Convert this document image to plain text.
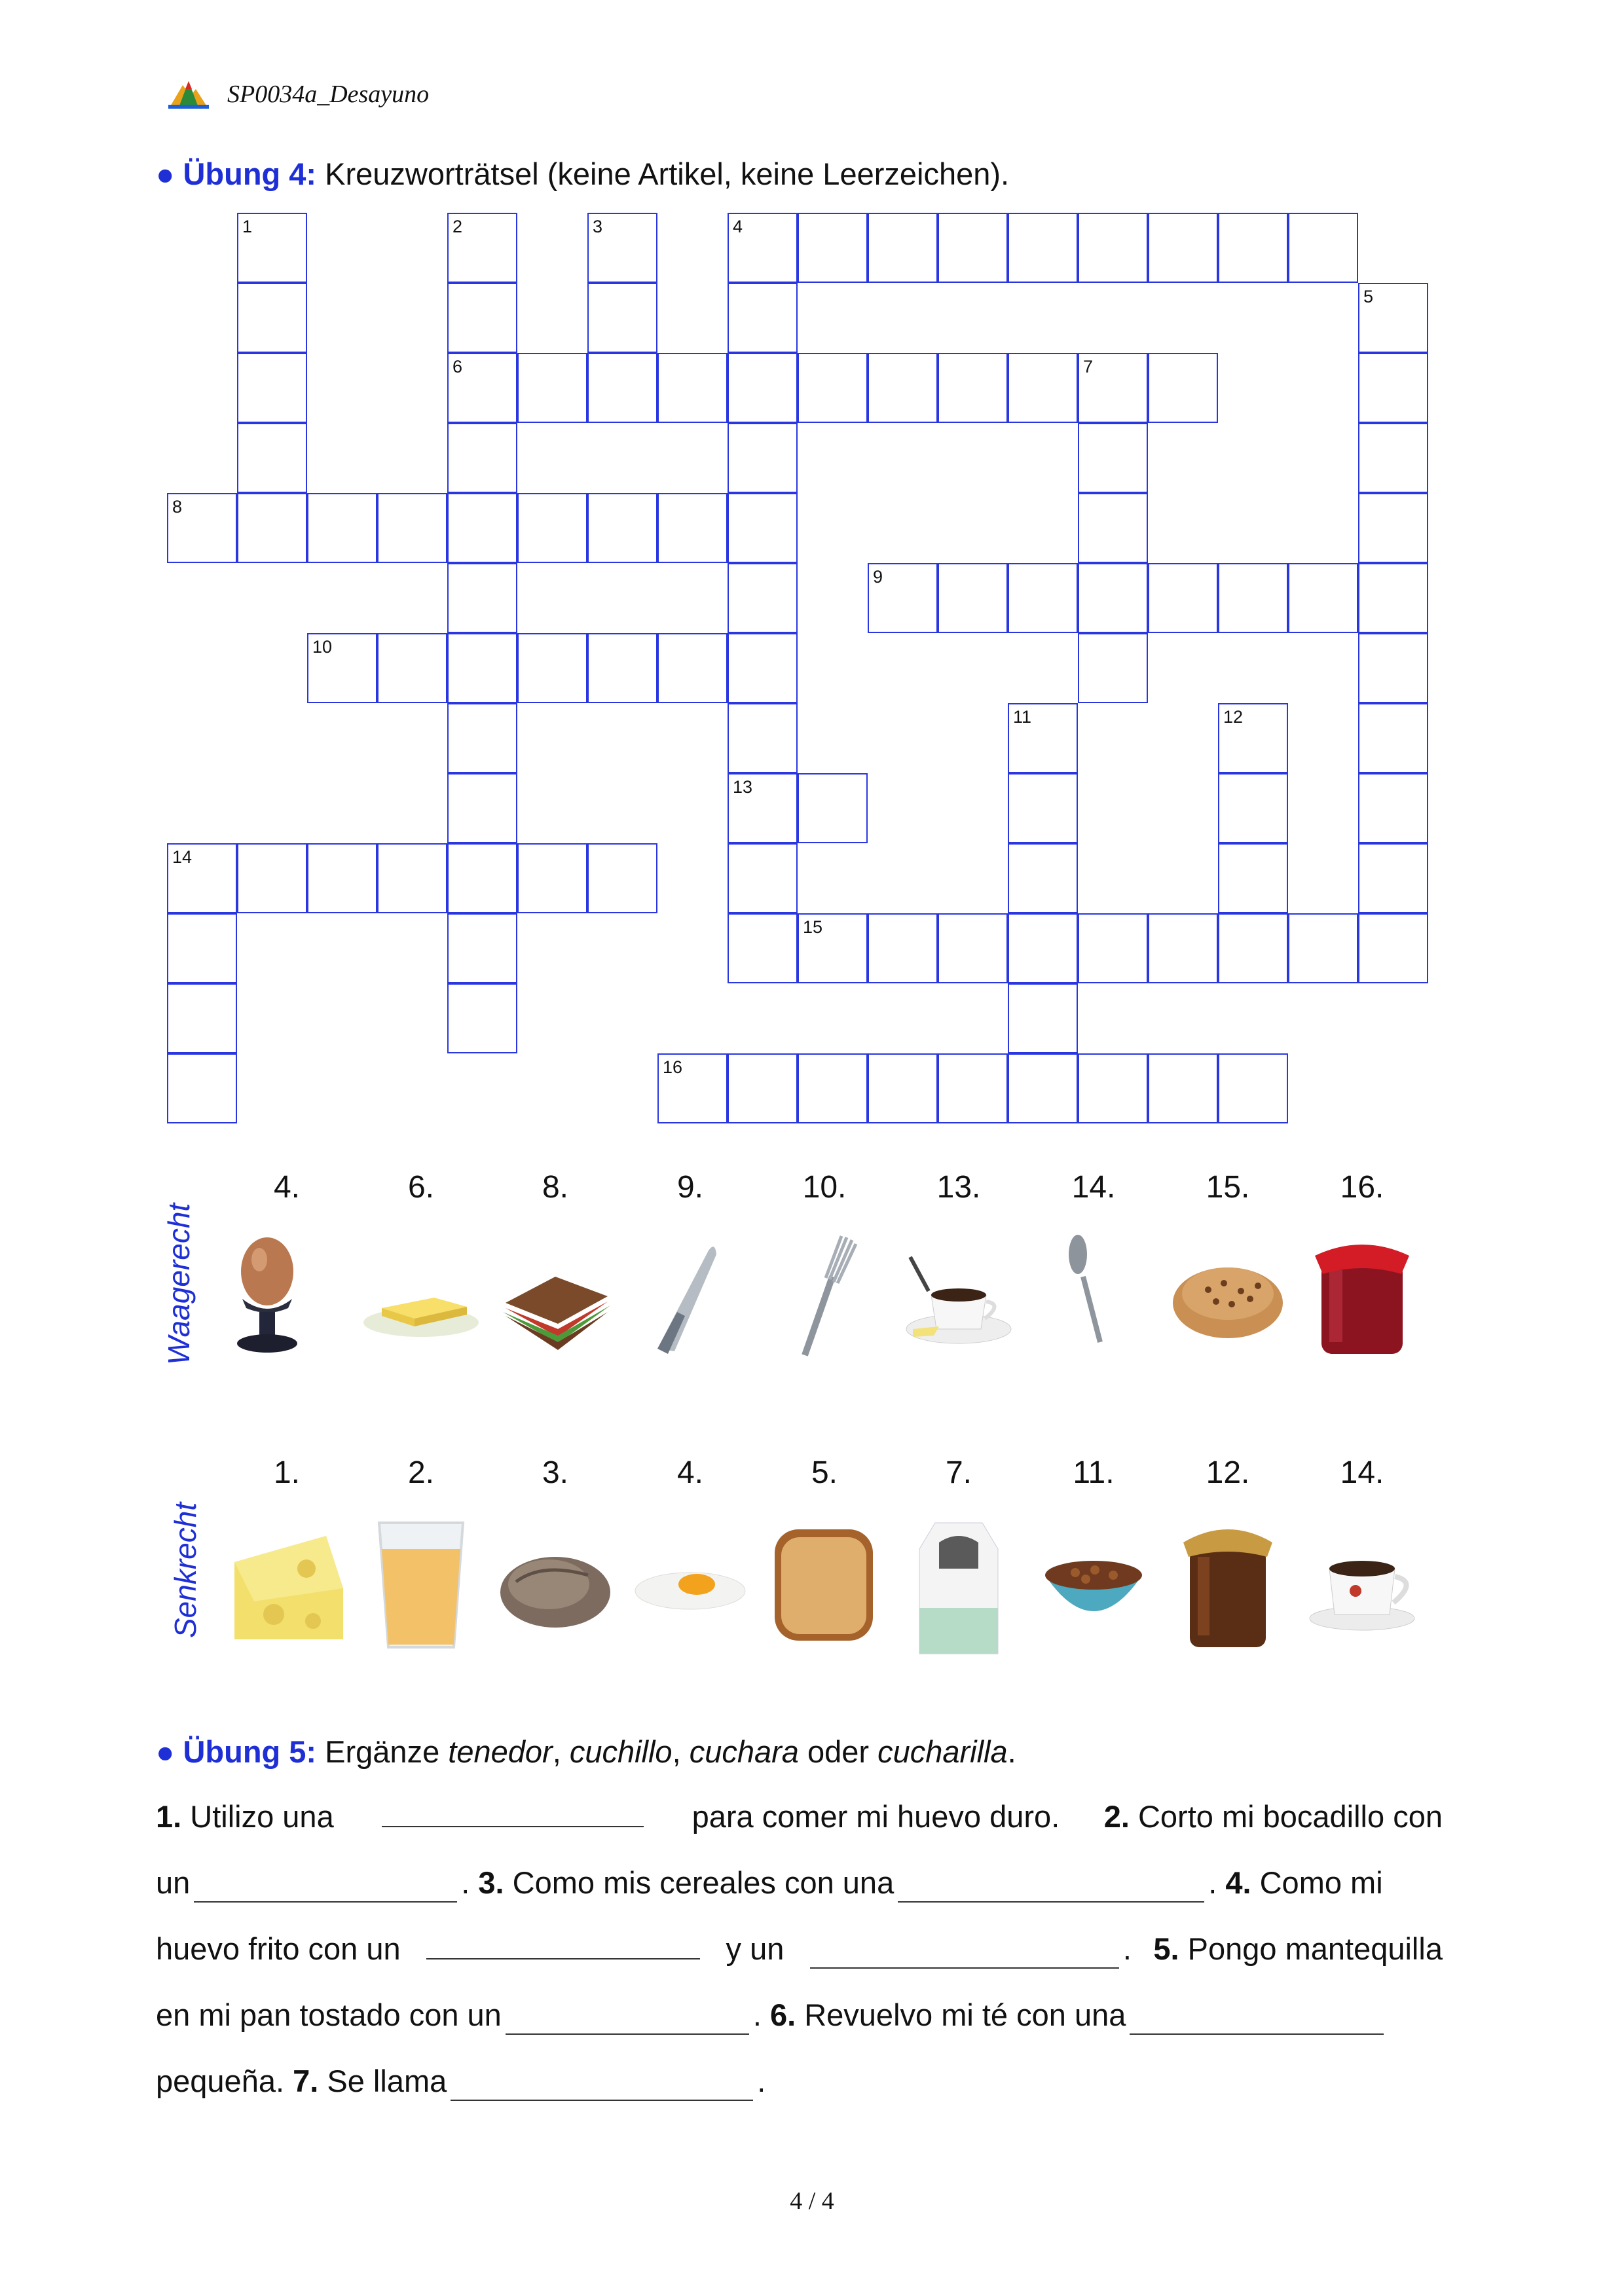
SP0034a_Desayuno
● Übung 4: Kreuzworträtsel (keine Artikel, keine Leerzeichen).
1	2
6
3	4
13
5
7
8
9
10
11	12
14
15
16
Waagerecht
4.	6.	8.	9.	10.	13.	14.	15.	16.
Senkrecht
1.	2.	3.	4.	5.	7.	11.	12.	14.
● Übung 5: Ergänze tenedor, cuchillo, cuchara oder cucharilla.
1. Utilizo una	para comer mi huevo duro. 2. Corto mi bocadillo con
un	. 3. Como mis cereales con una	. 4. Como mi
huevo frito con un	y un	. 5. Pongo mantequilla
en mi pan tostado con un	. 6. Revuelvo mi té con una
pequeña. 7. Se llama	.
4 / 4
